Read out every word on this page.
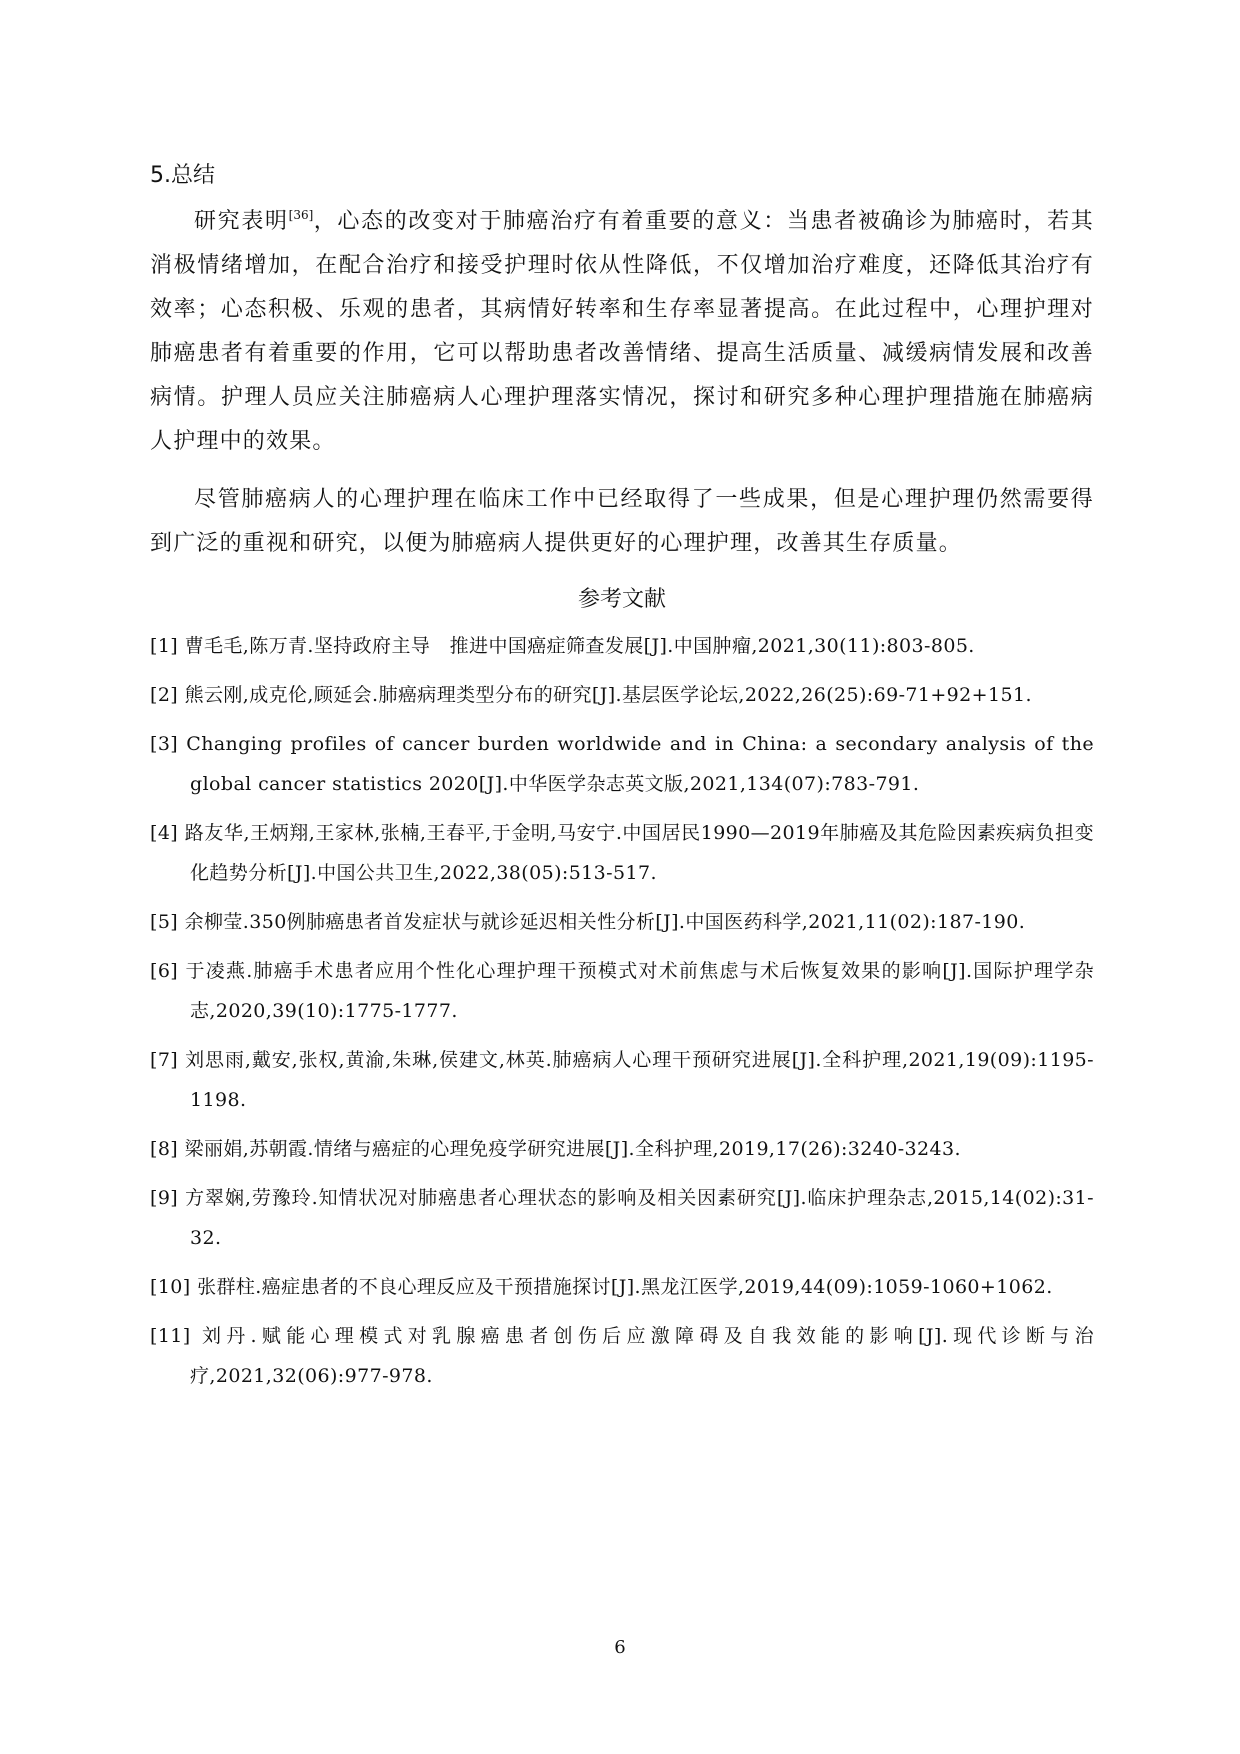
5.总结

研究表明[36]，心态的改变对于肺癌治疗有着重要的意义：当患者被确诊为肺癌时，若其消极情绪增加，在配合治疗和接受护理时依从性降低，不仅增加治疗难度，还降低其治疗有效率；心态积极、乐观的患者，其病情好转率和生存率显著提高。在此过程中，心理护理对肺癌患者有着重要的作用，它可以帮助患者改善情绪、提高生活质量、减缓病情发展和改善病情。护理人员应关注肺癌病人心理护理落实情况，探讨和研究多种心理护理措施在肺癌病人护理中的效果。

尽管肺癌病人的心理护理在临床工作中已经取得了一些成果，但是心理护理仍然需要得到广泛的重视和研究，以便为肺癌病人提供更好的心理护理，改善其生存质量。

参考文献
[1] 曹毛毛,陈万青.坚持政府主导　推进中国癌症筛查发展[J].中国肿瘤,2021,30(11):803-805.
[2] 熊云刚,成克伦,顾延会.肺癌病理类型分布的研究[J].基层医学论坛,2022,26(25):69-71+92+151.
[3] Changing profiles of cancer burden worldwide and in China: a secondary analysis of the global cancer statistics 2020[J].中华医学杂志英文版,2021,134(07):783-791.
[4] 路友华,王炳翔,王家林,张楠,王春平,于金明,马安宁.中国居民1990—2019年肺癌及其危险因素疾病负担变化趋势分析[J].中国公共卫生,2022,38(05):513-517.
[5] 余柳莹.350例肺癌患者首发症状与就诊延迟相关性分析[J].中国医药科学,2021,11(02):187-190.
[6] 于凌燕.肺癌手术患者应用个性化心理护理干预模式对术前焦虑与术后恢复效果的影响[J].国际护理学杂志,2020,39(10):1775-1777.
[7] 刘思雨,戴安,张权,黄渝,朱琳,侯建文,林英.肺癌病人心理干预研究进展[J].全科护理,2021,19(09):1195-1198.
[8] 梁丽娟,苏朝霞.情绪与癌症的心理免疫学研究进展[J].全科护理,2019,17(26):3240-3243.
[9] 方翠娴,劳豫玲.知情状况对肺癌患者心理状态的影响及相关因素研究[J].临床护理杂志,2015,14(02):31-32.
[10] 张群柱.癌症患者的不良心理反应及干预措施探讨[J].黑龙江医学,2019,44(09):1059-1060+1062.
[11] 刘丹.赋能心理模式对乳腺癌患者创伤后应激障碍及自我效能的影响[J].现代诊断与治疗,2021,32(06):977-978.
6
